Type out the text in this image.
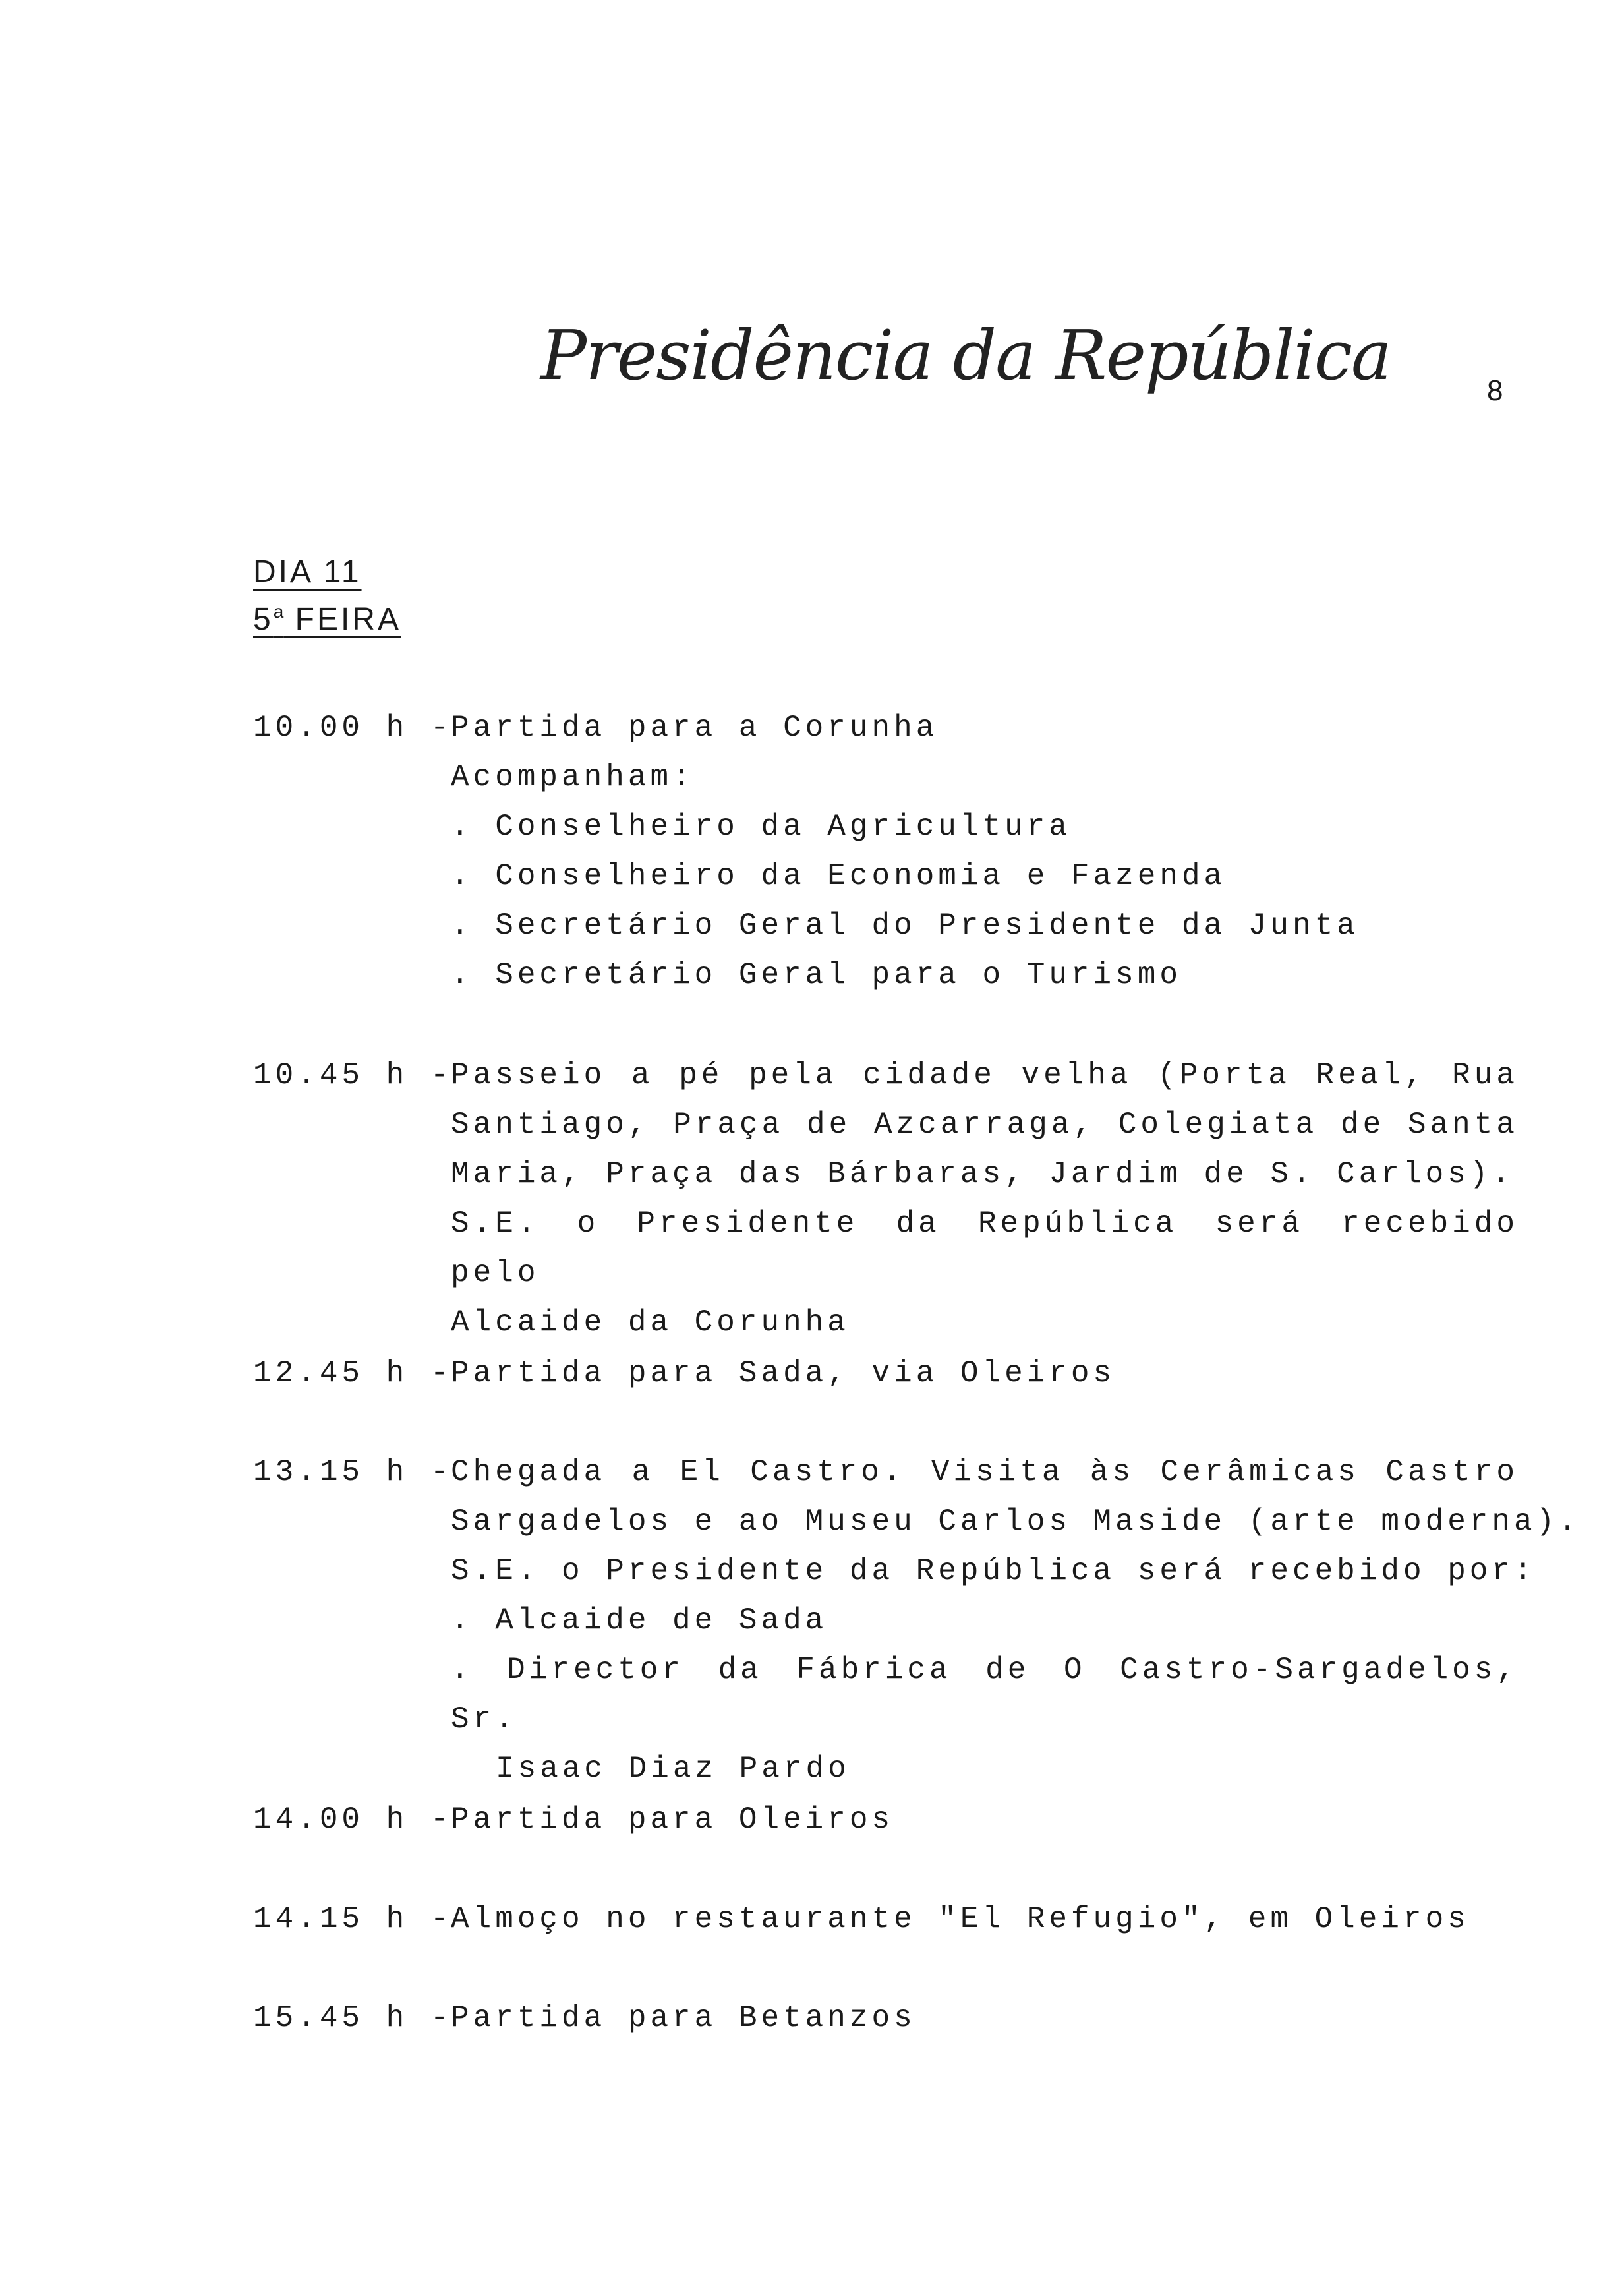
Presidência da República	8
DIA 11
5$^a$ FEIRA
10.00 h -
Partida para a Corunha
Acompanham:
. Conselheiro da Agricultura
. Conselheiro da Economia e Fazenda
. Secretário Geral do Presidente da Junta
. Secretário Geral para o Turismo
10.45 h -
Passeio a pé pela cidade velha (Porta Real, Rua
Santiago, Praça de Azcarraga, Colegiata de Santa
Maria, Praça das Bárbaras, Jardim de S. Carlos).
S.E. o Presidente da República será recebido pelo
Alcaide da Corunha
12.45 h -
Partida para Sada, via Oleiros
13.15 h -
Chegada a El Castro. Visita às Cerâmicas Castro
Sargadelos e ao Museu Carlos Maside (arte moderna).
S.E. o Presidente da República será recebido por:
. Alcaide de Sada
. Director da Fábrica de O Castro-Sargadelos, Sr.
Isaac Diaz Pardo
14.00 h -
Partida para Oleiros
14.15 h -
Almoço no restaurante "El Refugio", em Oleiros
15.45 h -
Partida para Betanzos
